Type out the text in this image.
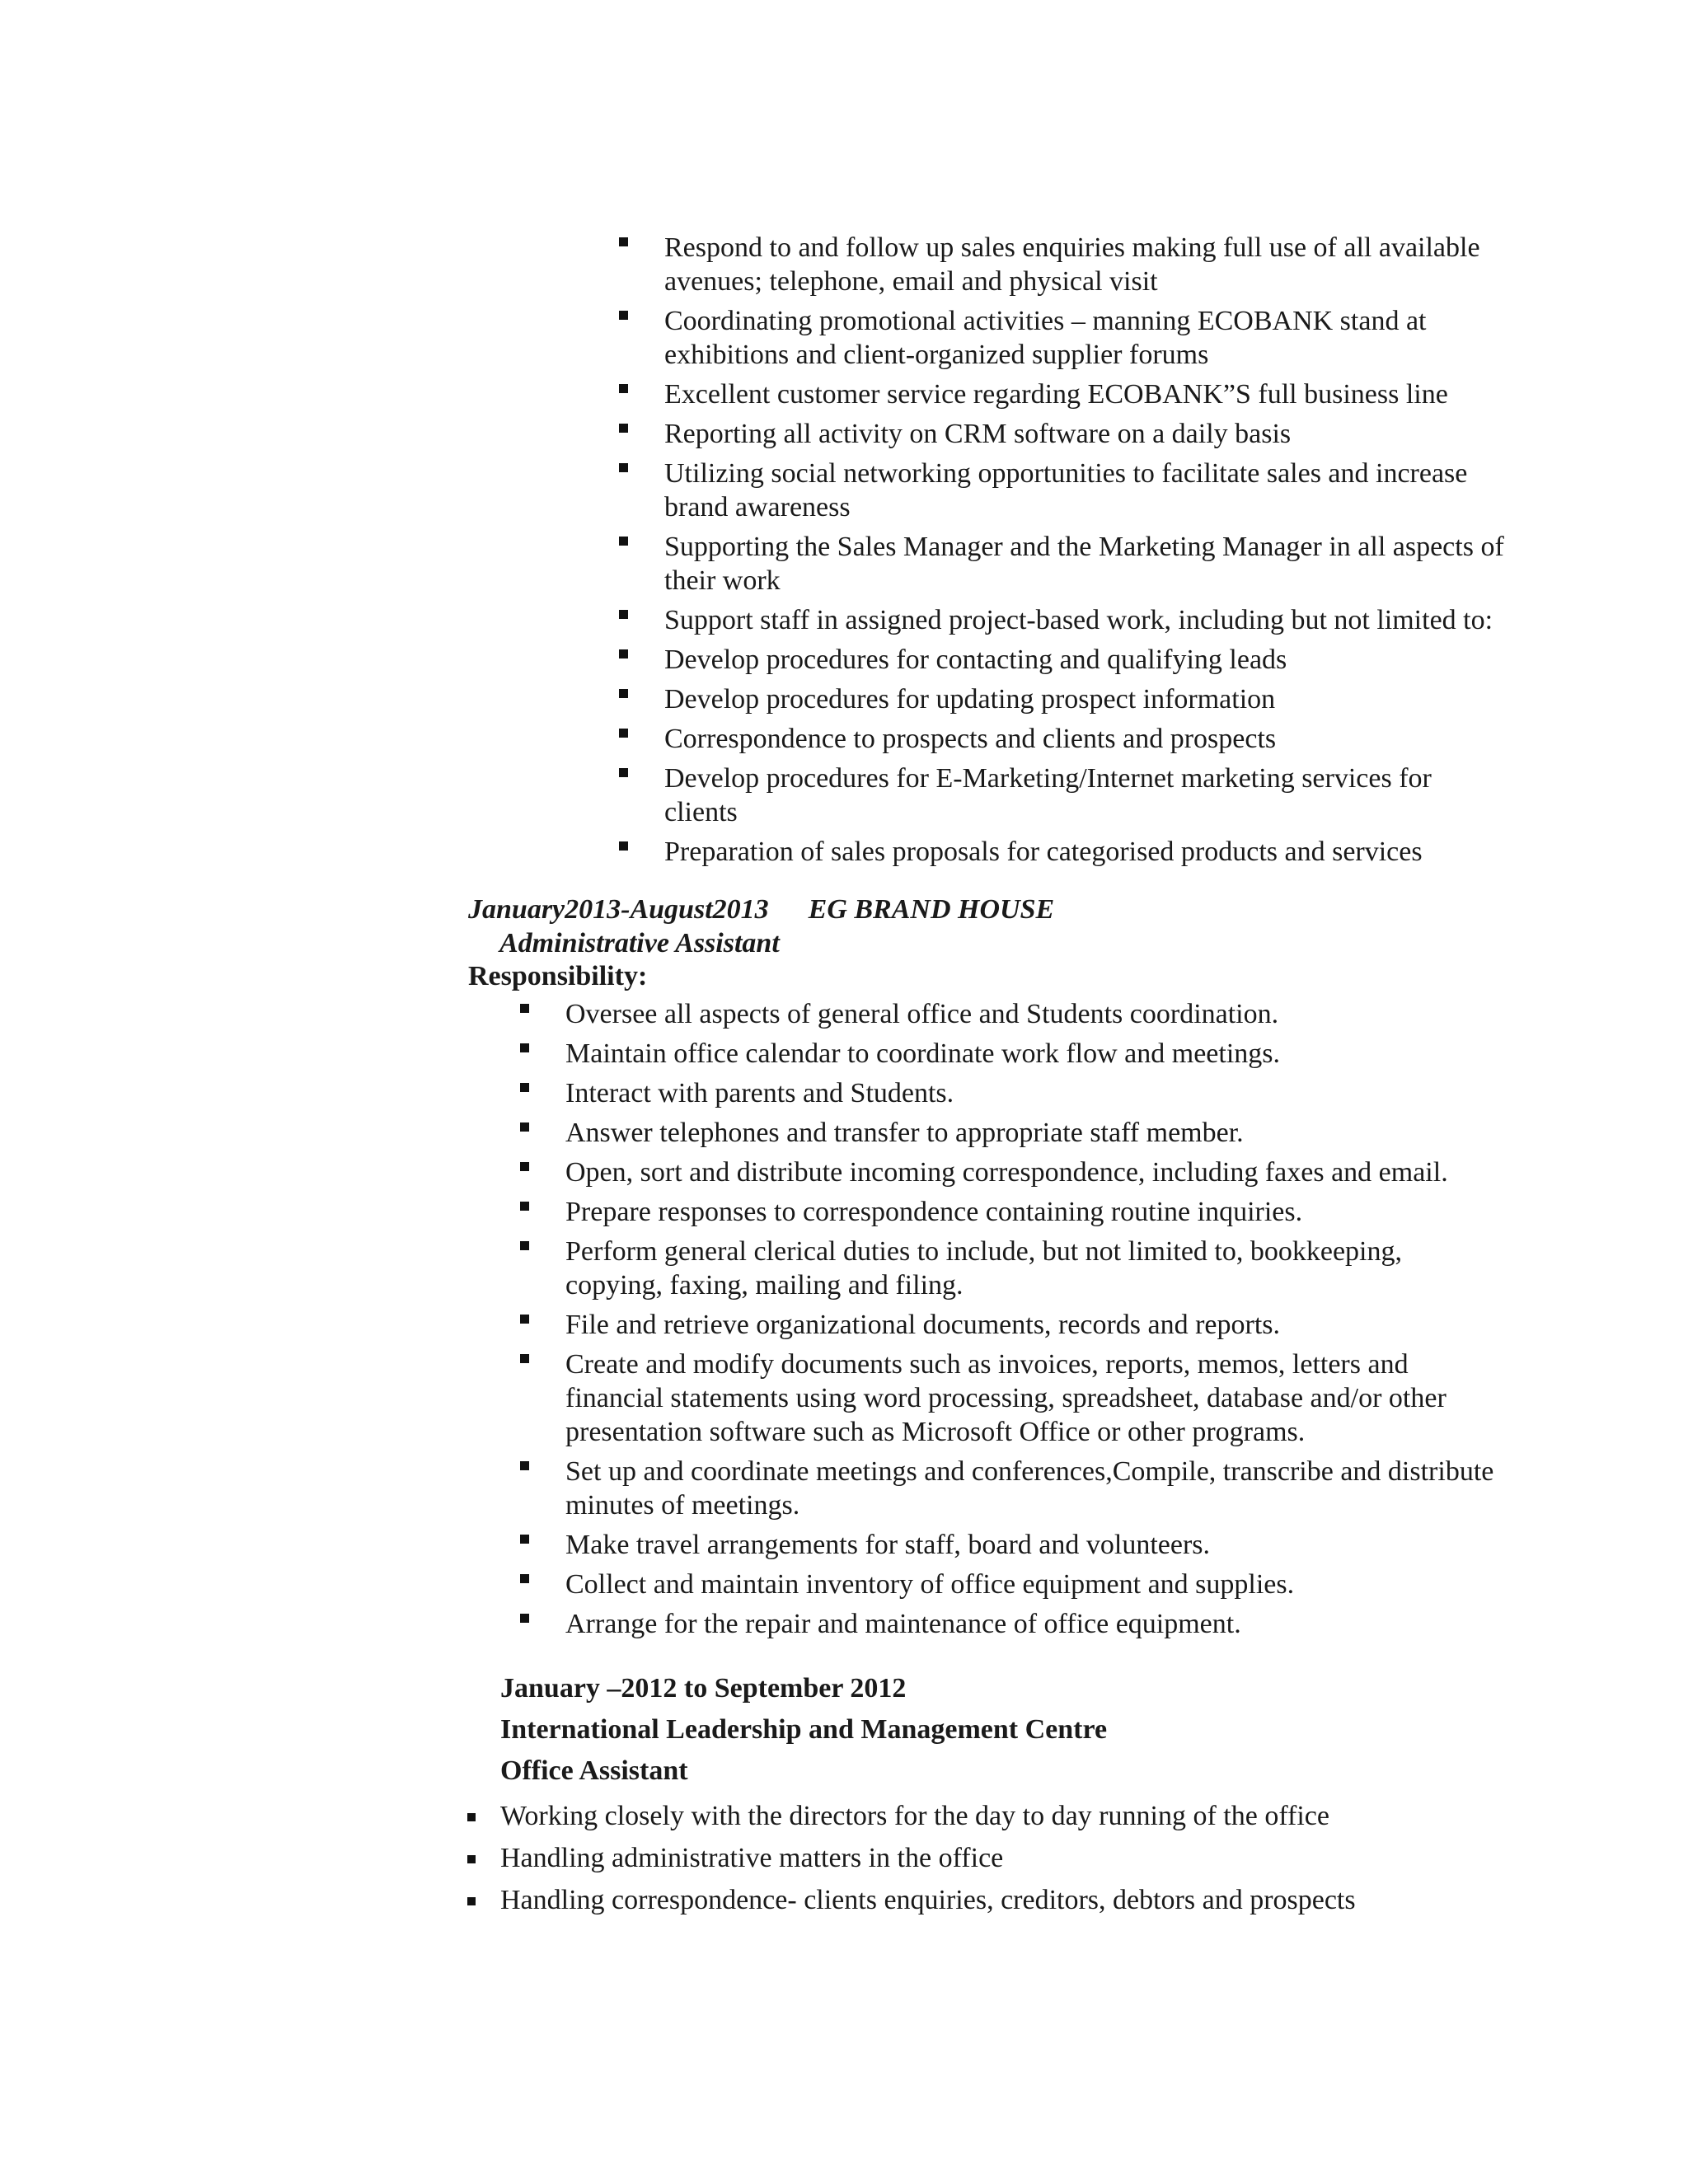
Respond to and follow up sales enquiries making full use of all available avenues; telephone, email and physical visit
Coordinating promotional activities – manning ECOBANK stand at exhibitions and client-organized supplier forums
Excellent customer service regarding ECOBANK”S full business line
Reporting all activity on CRM software on a daily basis
Utilizing social networking opportunities to facilitate sales and increase brand awareness
Supporting the Sales Manager and the Marketing Manager in all aspects of their work
Support staff in assigned project-based work, including but not limited to:
Develop procedures for contacting and qualifying leads
Develop procedures for updating prospect information
Correspondence to prospects and clients and prospects
Develop procedures for E-Marketing/Internet marketing services for clients
Preparation of sales proposals for categorised products and services
January2013-August2013 EG BRAND HOUSE
Administrative Assistant
Responsibility:
Oversee all aspects of general office and Students coordination.
Maintain office calendar to coordinate work flow and meetings.
Interact with parents and Students.
Answer telephones and transfer to appropriate staff member.
Open, sort and distribute incoming correspondence, including faxes and email.
Prepare responses to correspondence containing routine inquiries.
Perform general clerical duties to include, but not limited to, bookkeeping, copying, faxing, mailing and filing.
File and retrieve organizational documents, records and reports.
Create and modify documents such as invoices, reports, memos, letters and financial statements using word processing, spreadsheet, database and/or other presentation software such as Microsoft Office or other programs.
Set up and coordinate meetings and conferences,Compile, transcribe and distribute minutes of meetings.
Make travel arrangements for staff, board and volunteers.
Collect and maintain inventory of office equipment and supplies.
Arrange for the repair and maintenance of office equipment.
January –2012 to September 2012
International Leadership and Management Centre
Office Assistant
Working closely with the directors for the day to day running of the office
Handling administrative matters in the office
Handling correspondence- clients enquiries, creditors, debtors and prospects
